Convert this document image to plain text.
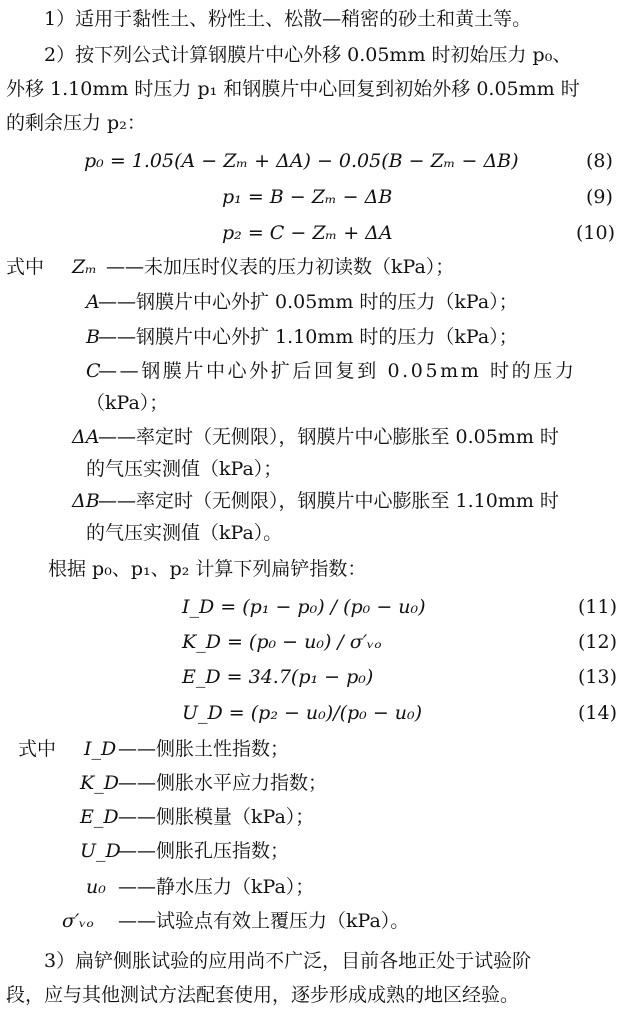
1）适用于黏性土、粉性土、松散—稍密的砂土和黄土等。
2）按下列公式计算钢膜片中心外移 0.05mm 时初始压力 p₀、
外移 1.10mm 时压力 p₁ 和钢膜片中心回复到初始外移 0.05mm 时
的剩余压力 p₂：
p₀ = 1.05(A − Zₘ + ΔA) − 0.05(B − Zₘ − ΔB)	(8)
p₁ = B − Zₘ − ΔB	(9)
p₂ = C − Zₘ + ΔA	(10)
式中 Zₘ ——未加压时仪表的压力初读数（kPa）；
A
——钢膜片中心外扩 0.05mm 时的压力（kPa）；
B
——钢膜片中心外扩 1.10mm 时的压力（kPa）；
C
——钢膜片中心外扩后回复到 0.05mm 时的压力
（kPa）；
ΔA
——率定时（无侧限），钢膜片中心膨胀至 0.05mm 时
的气压实测值（kPa）；
ΔB
——率定时（无侧限），钢膜片中心膨胀至 1.10mm 时
的气压实测值（kPa）。
根据 p₀、p₁、p₂ 计算下列扁铲指数：
I_D = (p₁ − p₀) / (p₀ − u₀)	(11)
K_D = (p₀ − u₀) / σ′ᵥₒ	(12)
E_D = 34.7(p₁ − p₀)	(13)
U_D = (p₂ − u₀)/(p₀ − u₀)	(14)
式中 I_D ——侧胀土性指数；
K_D ——侧胀水平应力指数；
E_D ——侧胀模量（kPa）；
U_D
——侧胀孔压指数；
u₀ ——静水压力（kPa）；
σ′ᵥₒ ——试验点有效上覆压力（kPa）。
3）扁铲侧胀试验的应用尚不广泛，目前各地正处于试验阶
段，应与其他测试方法配套使用，逐步形成成熟的地区经验。
